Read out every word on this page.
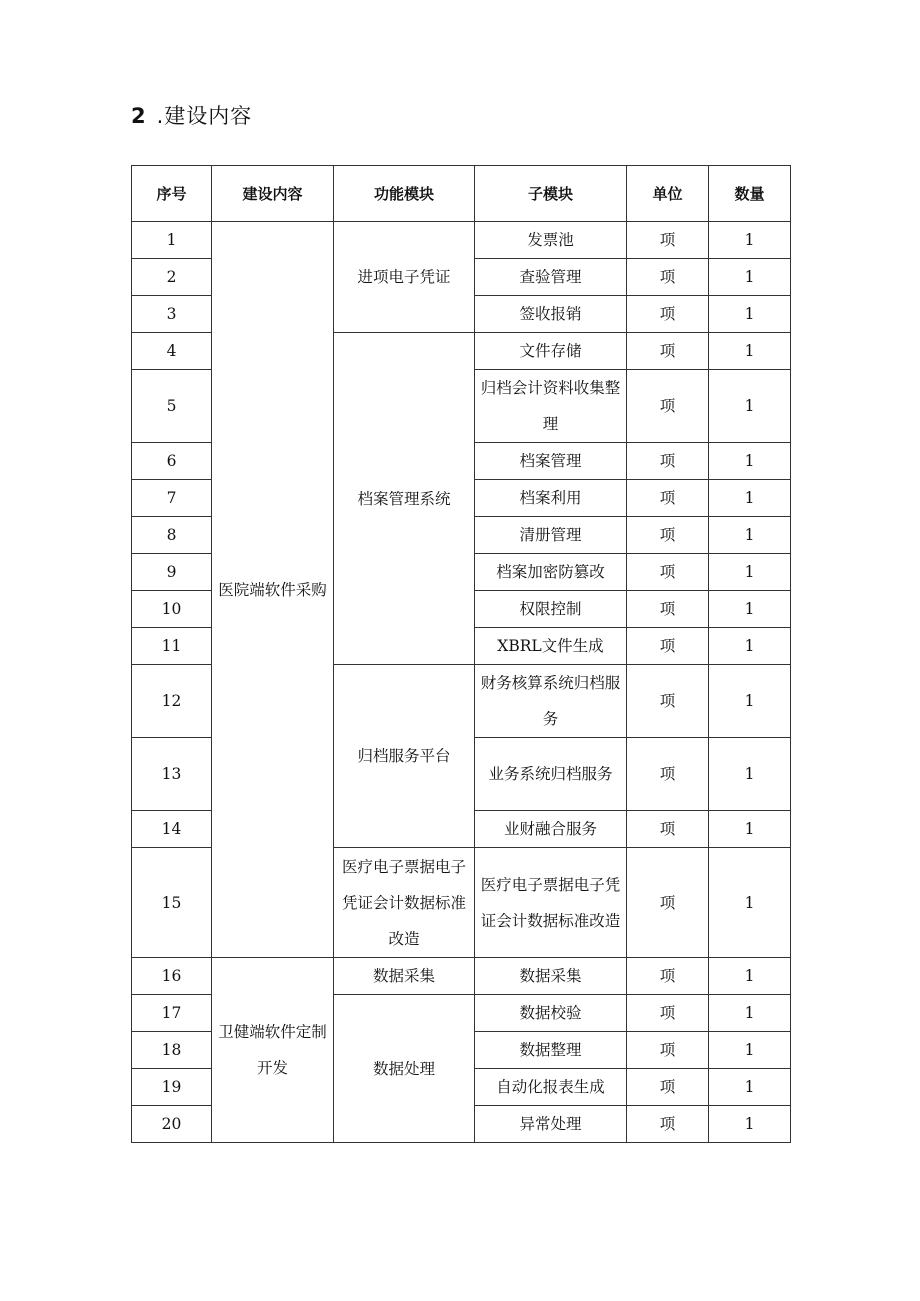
2 .建设内容
序号	建设内容	功能模块	子模块	单位	数量
1	医院端软件采购	进项电子凭证	发票池	项	1
2			查验管理	项	1
3			签收报销	项	1
4		档案管理系统	文件存储	项	1
5			归档会计资料收集整理	项	1
6			档案管理	项	1
7			档案利用	项	1
8			清册管理	项	1
9			档案加密防篡改	项	1
10			权限控制	项	1
11			XBRL文件生成	项	1
12		归档服务平台	财务核算系统归档服务	项	1
13			业务系统归档服务	项	1
14			业财融合服务	项	1
15		医疗电子票据电子凭证会计数据标准改造	医疗电子票据电子凭证会计数据标准改造	项	1
16	卫健端软件定制开发	数据采集	数据采集	项	1
17		数据处理	数据校验	项	1
18			数据整理	项	1
19			自动化报表生成	项	1
20			异常处理	项	1
